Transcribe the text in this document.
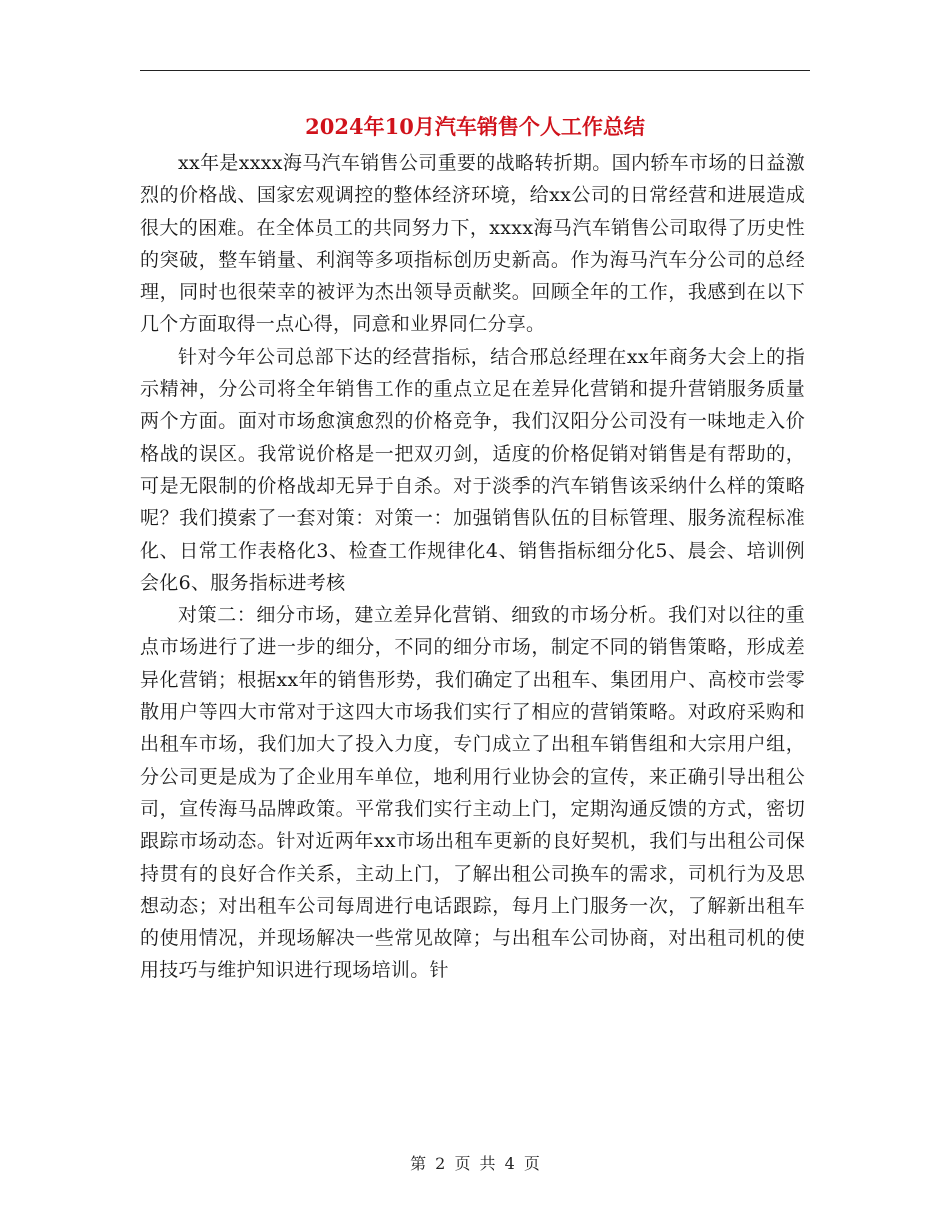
2024年10月汽车销售个人工作总结

xx年是xxxx海马汽车销售公司重要的战略转折期。国内轿车市场的日益激烈的价格战、国家宏观调控的整体经济环境，给xx公司的日常经营和进展造成很大的困难。在全体员工的共同努力下，xxxx海马汽车销售公司取得了历史性的突破，整车销量、利润等多项指标创历史新高。作为海马汽车分公司的总经理，同时也很荣幸的被评为杰出领导贡献奖。回顾全年的工作，我感到在以下几个方面取得一点心得，同意和业界同仁分享。

针对今年公司总部下达的经营指标，结合邢总经理在xx年商务大会上的指示精神，分公司将全年销售工作的重点立足在差异化营销和提升营销服务质量两个方面。面对市场愈演愈烈的价格竞争，我们汉阳分公司没有一味地走入价格战的误区。我常说价格是一把双刃剑，适度的价格促销对销售是有帮助的，可是无限制的价格战却无异于自杀。对于淡季的汽车销售该采纳什么样的策略呢？我们摸索了一套对策：对策一：加强销售队伍的目标管理、服务流程标准化、日常工作表格化3、检查工作规律化4、销售指标细分化5、晨会、培训例会化6、服务指标进考核

对策二：细分市场，建立差异化营销、细致的市场分析。我们对以往的重点市场进行了进一步的细分，不同的细分市场，制定不同的销售策略，形成差异化营销；根据xx年的销售形势，我们确定了出租车、集团用户、高校市尝零散用户等四大市常对于这四大市场我们实行了相应的营销策略。对政府采购和出租车市场，我们加大了投入力度，专门成立了出租车销售组和大宗用户组，分公司更是成为了企业用车单位，地利用行业协会的宣传，来正确引导出租公司，宣传海马品牌政策。平常我们实行主动上门，定期沟通反馈的方式，密切跟踪市场动态。针对近两年xx市场出租车更新的良好契机，我们与出租公司保持贯有的良好合作关系，主动上门，了解出租公司换车的需求，司机行为及思想动态；对出租车公司每周进行电话跟踪，每月上门服务一次，了解新出租车的使用情况，并现场解决一些常见故障；与出租车公司协商，对出租司机的使用技巧与维护知识进行现场培训。针

第 2 页 共 4 页
